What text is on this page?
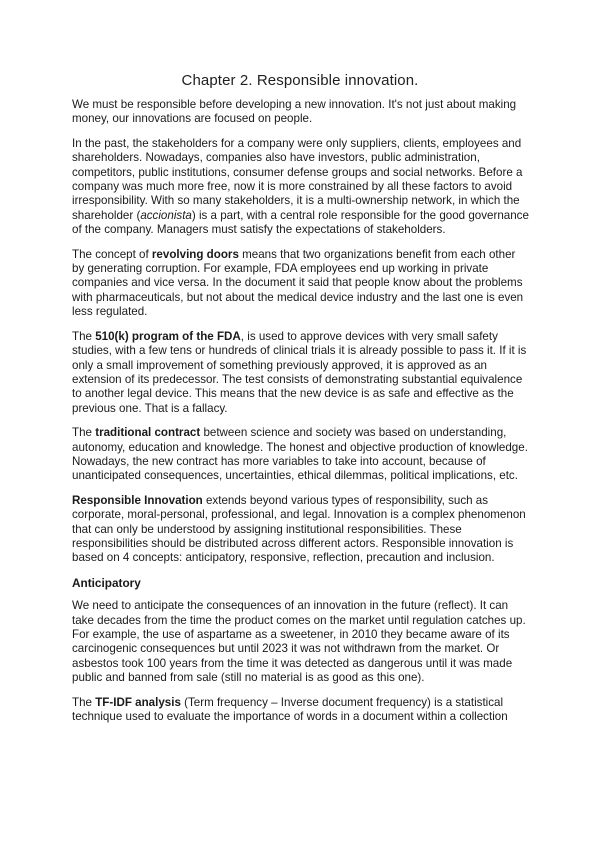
Chapter 2. Responsible innovation.

We must be responsible before developing a new innovation. It's not just about making money, our innovations are focused on people.

In the past, the stakeholders for a company were only suppliers, clients, employees and shareholders. Nowadays, companies also have investors, public administration, competitors, public institutions, consumer defense groups and social networks. Before a company was much more free, now it is more constrained by all these factors to avoid irresponsibility. With so many stakeholders, it is a multi-ownership network, in which the shareholder (accionista) is a part, with a central role responsible for the good governance of the company. Managers must satisfy the expectations of stakeholders.

The concept of revolving doors means that two organizations benefit from each other by generating corruption. For example, FDA employees end up working in private companies and vice versa. In the document it said that people know about the problems with pharmaceuticals, but not about the medical device industry and the last one is even less regulated.

The 510(k) program of the FDA, is used to approve devices with very small safety studies, with a few tens or hundreds of clinical trials it is already possible to pass it. If it is only a small improvement of something previously approved, it is approved as an extension of its predecessor. The test consists of demonstrating substantial equivalence to another legal device. This means that the new device is as safe and effective as the previous one. That is a fallacy.

The traditional contract between science and society was based on understanding, autonomy, education and knowledge. The honest and objective production of knowledge. Nowadays, the new contract has more variables to take into account, because of unanticipated consequences, uncertainties, ethical dilemmas, political implications, etc.

Responsible Innovation extends beyond various types of responsibility, such as corporate, moral-personal, professional, and legal. Innovation is a complex phenomenon that can only be understood by assigning institutional responsibilities. These responsibilities should be distributed across different actors. Responsible innovation is based on 4 concepts: anticipatory, responsive, reflection, precaution and inclusion.

Anticipatory

We need to anticipate the consequences of an innovation in the future (reflect). It can take decades from the time the product comes on the market until regulation catches up. For example, the use of aspartame as a sweetener, in 2010 they became aware of its carcinogenic consequences but until 2023 it was not withdrawn from the market. Or asbestos took 100 years from the time it was detected as dangerous until it was made public and banned from sale (still no material is as good as this one).

The TF-IDF analysis (Term frequency – Inverse document frequency) is a statistical technique used to evaluate the importance of words in a document within a collection
